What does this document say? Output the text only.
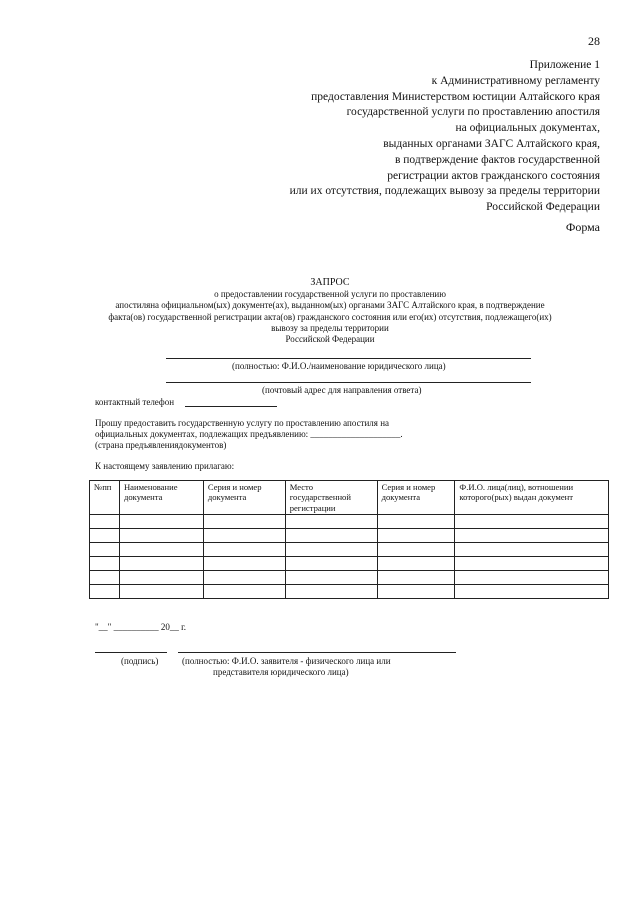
28
Приложение 1
к Административному регламенту
предоставления Министерством юстиции Алтайского края
государственной услуги по проставлению апостиля
на официальных документах,
выданных органами ЗАГС Алтайского края,
в подтверждение фактов государственной
регистрации актов гражданского состояния
или их отсутствия, подлежащих вывозу за пределы территории
Российской Федерации
Форма
ЗАПРОС
о предоставлении государственной услуги по проставлению
апостиляна официальном(ых) документе(ах), выданном(ых) органами ЗАГС Алтайского края, в подтверждение
факта(ов) государственной регистрации акта(ов) гражданского состояния или его(их) отсутствия, подлежащего(их)
вывозу за пределы территории
Российской Федерации
(полностью: Ф.И.О./наименование юридического лица)
(почтовый адрес для направления ответа)
контактный телефон
Прошу предоставить государственную услугу по проставлению апостиля на
официальных документах, подлежащих предъявлению: ____________________.
(страна предъявлениядокументов)
К настоящему заявлению прилагаю:
№пп	Наименование документа	Серия и номер документа	Место государственной регистрации	Серия и номер документа	Ф.И.О. лица(лиц), вотношении которого(рых) выдан документ

"__" __________ 20__ г.
(подпись)	(полностью: Ф.И.О. заявителя - физического лица или
представителя юридического лица)
